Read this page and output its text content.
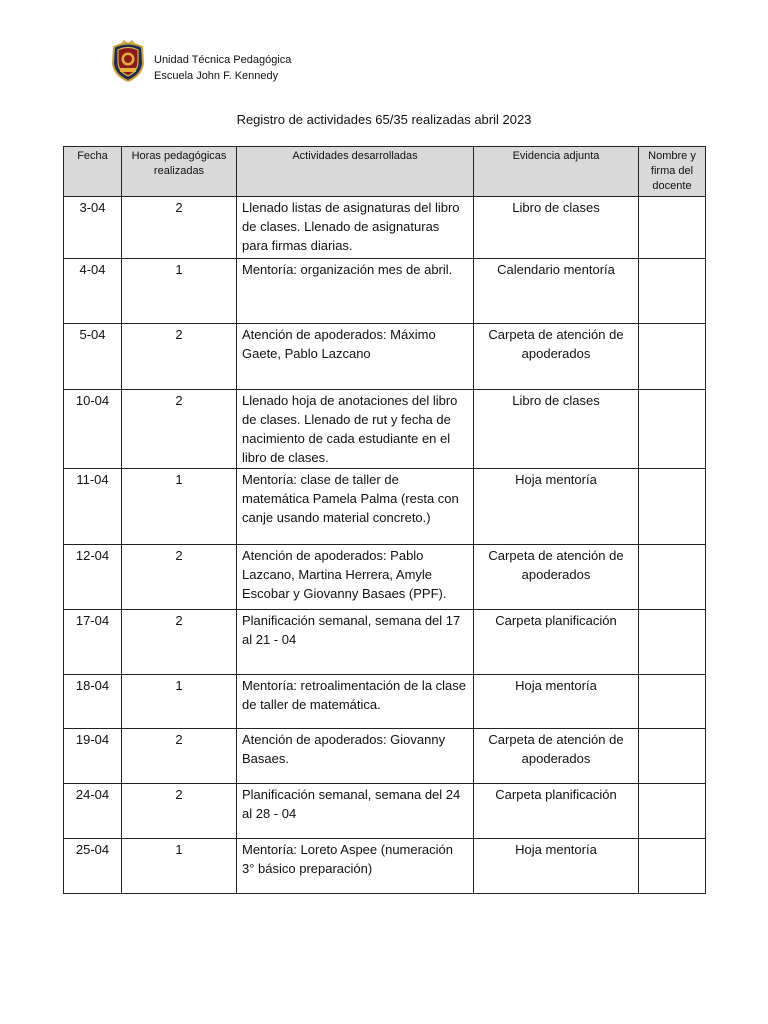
Unidad Técnica Pedagógica
Escuela John F. Kennedy
Registro de actividades 65/35 realizadas abril 2023
Fecha	Horas pedagógicas realizadas	Actividades desarrolladas	Evidencia adjunta	Nombre y firma del docente
3-04	2	Llenado listas de asignaturas del libro de clases. Llenado de asignaturas para firmas diarias.	Libro de clases	
4-04	1	Mentoría: organización mes de abril.	Calendario mentoría	
5-04	2	Atención de apoderados: Máximo Gaete, Pablo Lazcano	Carpeta de atención de apoderados	
10-04	2	Llenado hoja de anotaciones del libro de clases. Llenado de rut y fecha de nacimiento de cada estudiante en el libro de clases.	Libro de clases	
11-04	1	Mentoría: clase de taller de matemática Pamela Palma (resta con canje usando material concreto.)	Hoja mentoría	
12-04	2	Atención de apoderados: Pablo Lazcano, Martina Herrera, Amyle Escobar y Giovanny Basaes (PPF).	Carpeta de atención de apoderados	
17-04	2	Planificación semanal, semana del 17 al 21 - 04	Carpeta planificación	
18-04	1	Mentoría: retroalimentación de la clase de taller de matemática.	Hoja mentoría	
19-04	2	Atención de apoderados: Giovanny Basaes.	Carpeta de atención de apoderados	
24-04	2	Planificación semanal, semana del 24 al 28 - 04	Carpeta planificación	
25-04	1	Mentoría: Loreto Aspee (numeración 3° básico preparación)	Hoja mentoría	
